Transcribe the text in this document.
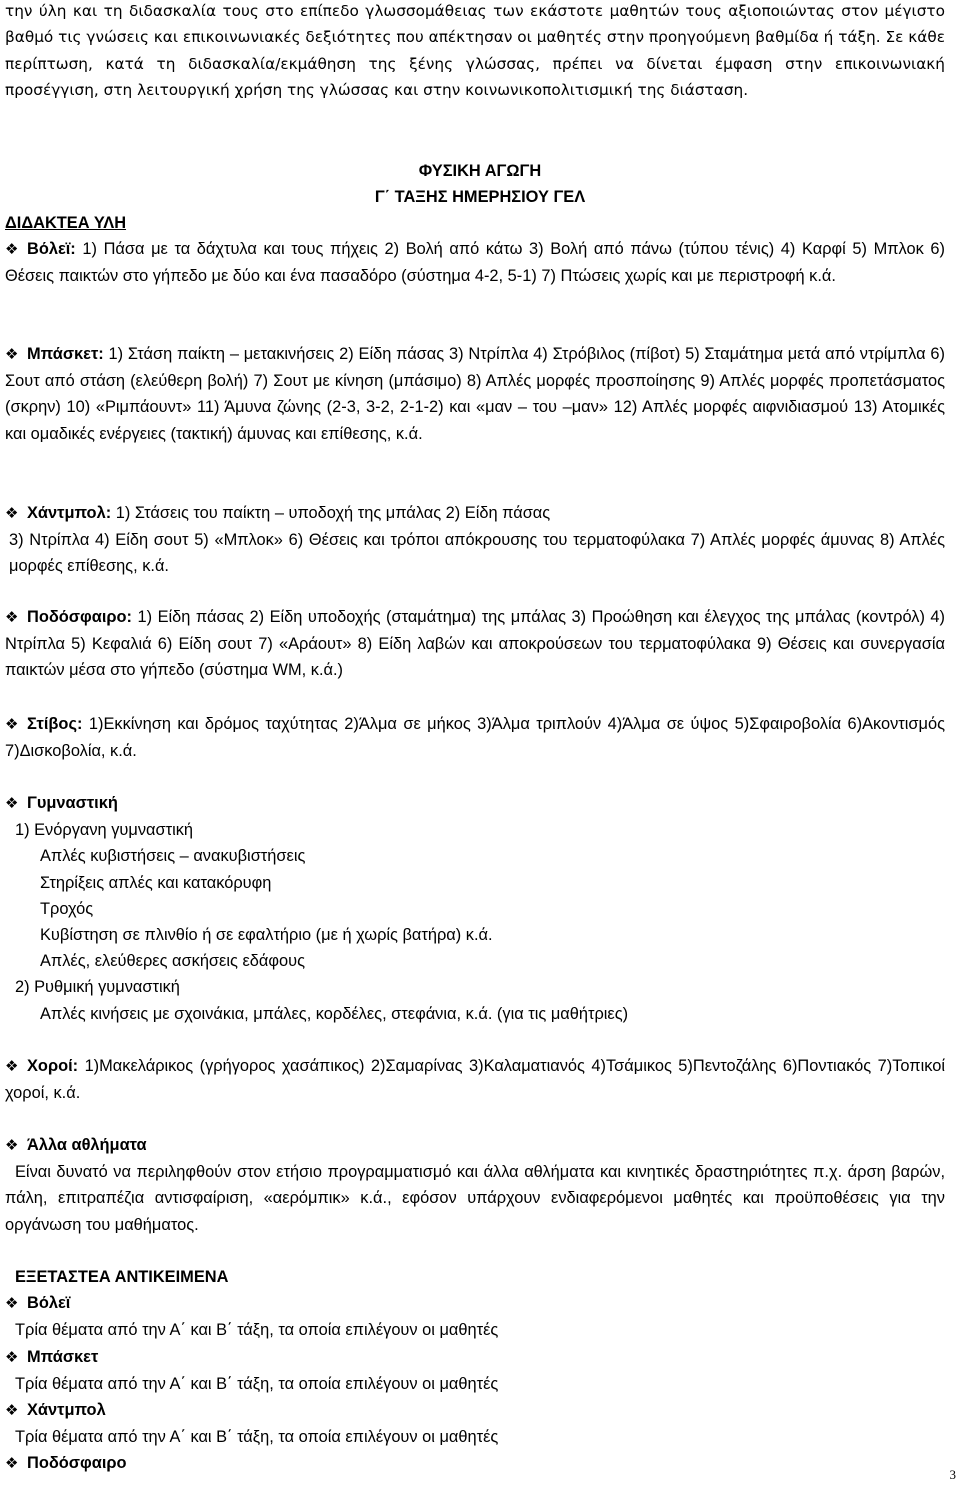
την ύλη και τη διδασκαλία τους στο επίπεδο γλωσσομάθειας των εκάστοτε μαθητών τους αξιοποιώντας στον μέγιστο βαθμό τις γνώσεις και επικοινωνιακές δεξιότητες που απέκτησαν οι μαθητές στην προηγούμενη βαθμίδα ή τάξη. Σε κάθε περίπτωση, κατά τη διδασκαλία/εκμάθηση της ξένης γλώσσας, πρέπει να δίνεται έμφαση στην επικοινωνιακή προσέγγιση, στη λειτουργική χρήση της γλώσσας και στην κοινωνικοπολιτισμική της διάσταση.

ΦΥΣΙΚΗ ΑΓΩΓΗ

Γ΄ ΤΑΞΗΣ ΗΜΕΡΗΣΙΟΥ ΓΕΛ

ΔΙΔΑΚΤΕΑ ΥΛΗ

❖ Βόλεϊ: 1) Πάσα με τα δάχτυλα και τους πήχεις 2) Βολή από κάτω 3) Βολή από πάνω (τύπου τένις) 4) Καρφί 5) Μπλοκ 6) Θέσεις παικτών στο γήπεδο με δύο και ένα πασαδόρο (σύστημα 4-2, 5-1) 7) Πτώσεις χωρίς και με περιστροφή κ.ά.

❖ Μπάσκετ: 1) Στάση παίκτη – μετακινήσεις 2) Είδη πάσας 3) Ντρίπλα 4) Στρόβιλος (πίβοτ) 5) Σταμάτημα μετά από ντρίμπλα 6) Σουτ από στάση (ελεύθερη βολή) 7) Σουτ με κίνηση (μπάσιμο) 8) Απλές μορφές προσποίησης 9) Απλές μορφές προπετάσματος (σκρην) 10) «Ριμπάουντ» 11) Άμυνα ζώνης (2-3, 3-2, 2-1-2) και «μαν – του –μαν» 12) Απλές μορφές αιφνιδιασμού 13) Ατομικές και ομαδικές ενέργειες (τακτική) άμυνας και επίθεσης, κ.ά.

❖ Χάντμπολ: 1) Στάσεις του παίκτη – υποδοχή της μπάλας 2) Είδη πάσας
3) Ντρίπλα 4) Είδη σουτ 5) «Μπλοκ» 6) Θέσεις και τρόποι απόκρουσης του τερματοφύλακα 7) Απλές μορφές άμυνας 8) Απλές μορφές επίθεσης, κ.ά.

❖ Ποδόσφαιρο: 1) Είδη πάσας 2) Είδη υποδοχής (σταμάτημα) της μπάλας 3) Προώθηση και έλεγχος της μπάλας (κοντρόλ) 4) Ντρίπλα 5) Κεφαλιά 6) Είδη σουτ 7) «Αράουτ» 8) Είδη λαβών και αποκρούσεων του τερματοφύλακα 9) Θέσεις και συνεργασία παικτών μέσα στο γήπεδο (σύστημα WM, κ.ά.)

❖ Στίβος: 1)Εκκίνηση και δρόμος ταχύτητας 2)Άλμα σε μήκος 3)Άλμα τριπλούν 4)Άλμα σε ύψος 5)Σφαιροβολία 6)Ακοντισμός 7)Δισκοβολία, κ.ά.

❖ Γυμναστική
1) Ενόργανη γυμναστική
Απλές κυβιστήσεις – ανακυβιστήσεις
Στηρίξεις απλές και κατακόρυφη
Τροχός
Κυβίστηση σε πλινθίο ή σε εφαλτήριο (με ή χωρίς βατήρα) κ.ά.
Απλές, ελεύθερες ασκήσεις εδάφους
2) Ρυθμική γυμναστική
Απλές κινήσεις με σχοινάκια, μπάλες, κορδέλες, στεφάνια, κ.ά. (για τις μαθήτριες)

❖ Χοροί: 1)Μακελάρικος (γρήγορος χασάπικος) 2)Σαμαρίνας 3)Καλαματιανός 4)Τσάμικος 5)Πεντοζάλης 6)Ποντιακός 7)Τοπικοί χοροί, κ.ά.

❖ Άλλα αθλήματα
Είναι δυνατό να περιληφθούν στον ετήσιο προγραμματισμό και άλλα αθλήματα και κινητικές δραστηριότητες π.χ. άρση βαρών, πάλη, επιτραπέζια αντισφαίριση, «αερόμπικ» κ.ά., εφόσον υπάρχουν ενδιαφερόμενοι μαθητές και προϋποθέσεις για την οργάνωση του μαθήματος.
ΕΞΕΤΑΣΤΕΑ ΑΝΤΙΚΕΙΜΕΝΑ
❖ Βόλεϊ
Τρία θέματα από την Α΄ και Β΄ τάξη, τα οποία επιλέγουν οι μαθητές
❖ Μπάσκετ
Τρία θέματα από την Α΄ και Β΄ τάξη, τα οποία επιλέγουν οι μαθητές
❖ Χάντμπολ
Τρία θέματα από την Α΄ και Β΄ τάξη, τα οποία επιλέγουν οι μαθητές
❖ Ποδόσφαιρο
3
